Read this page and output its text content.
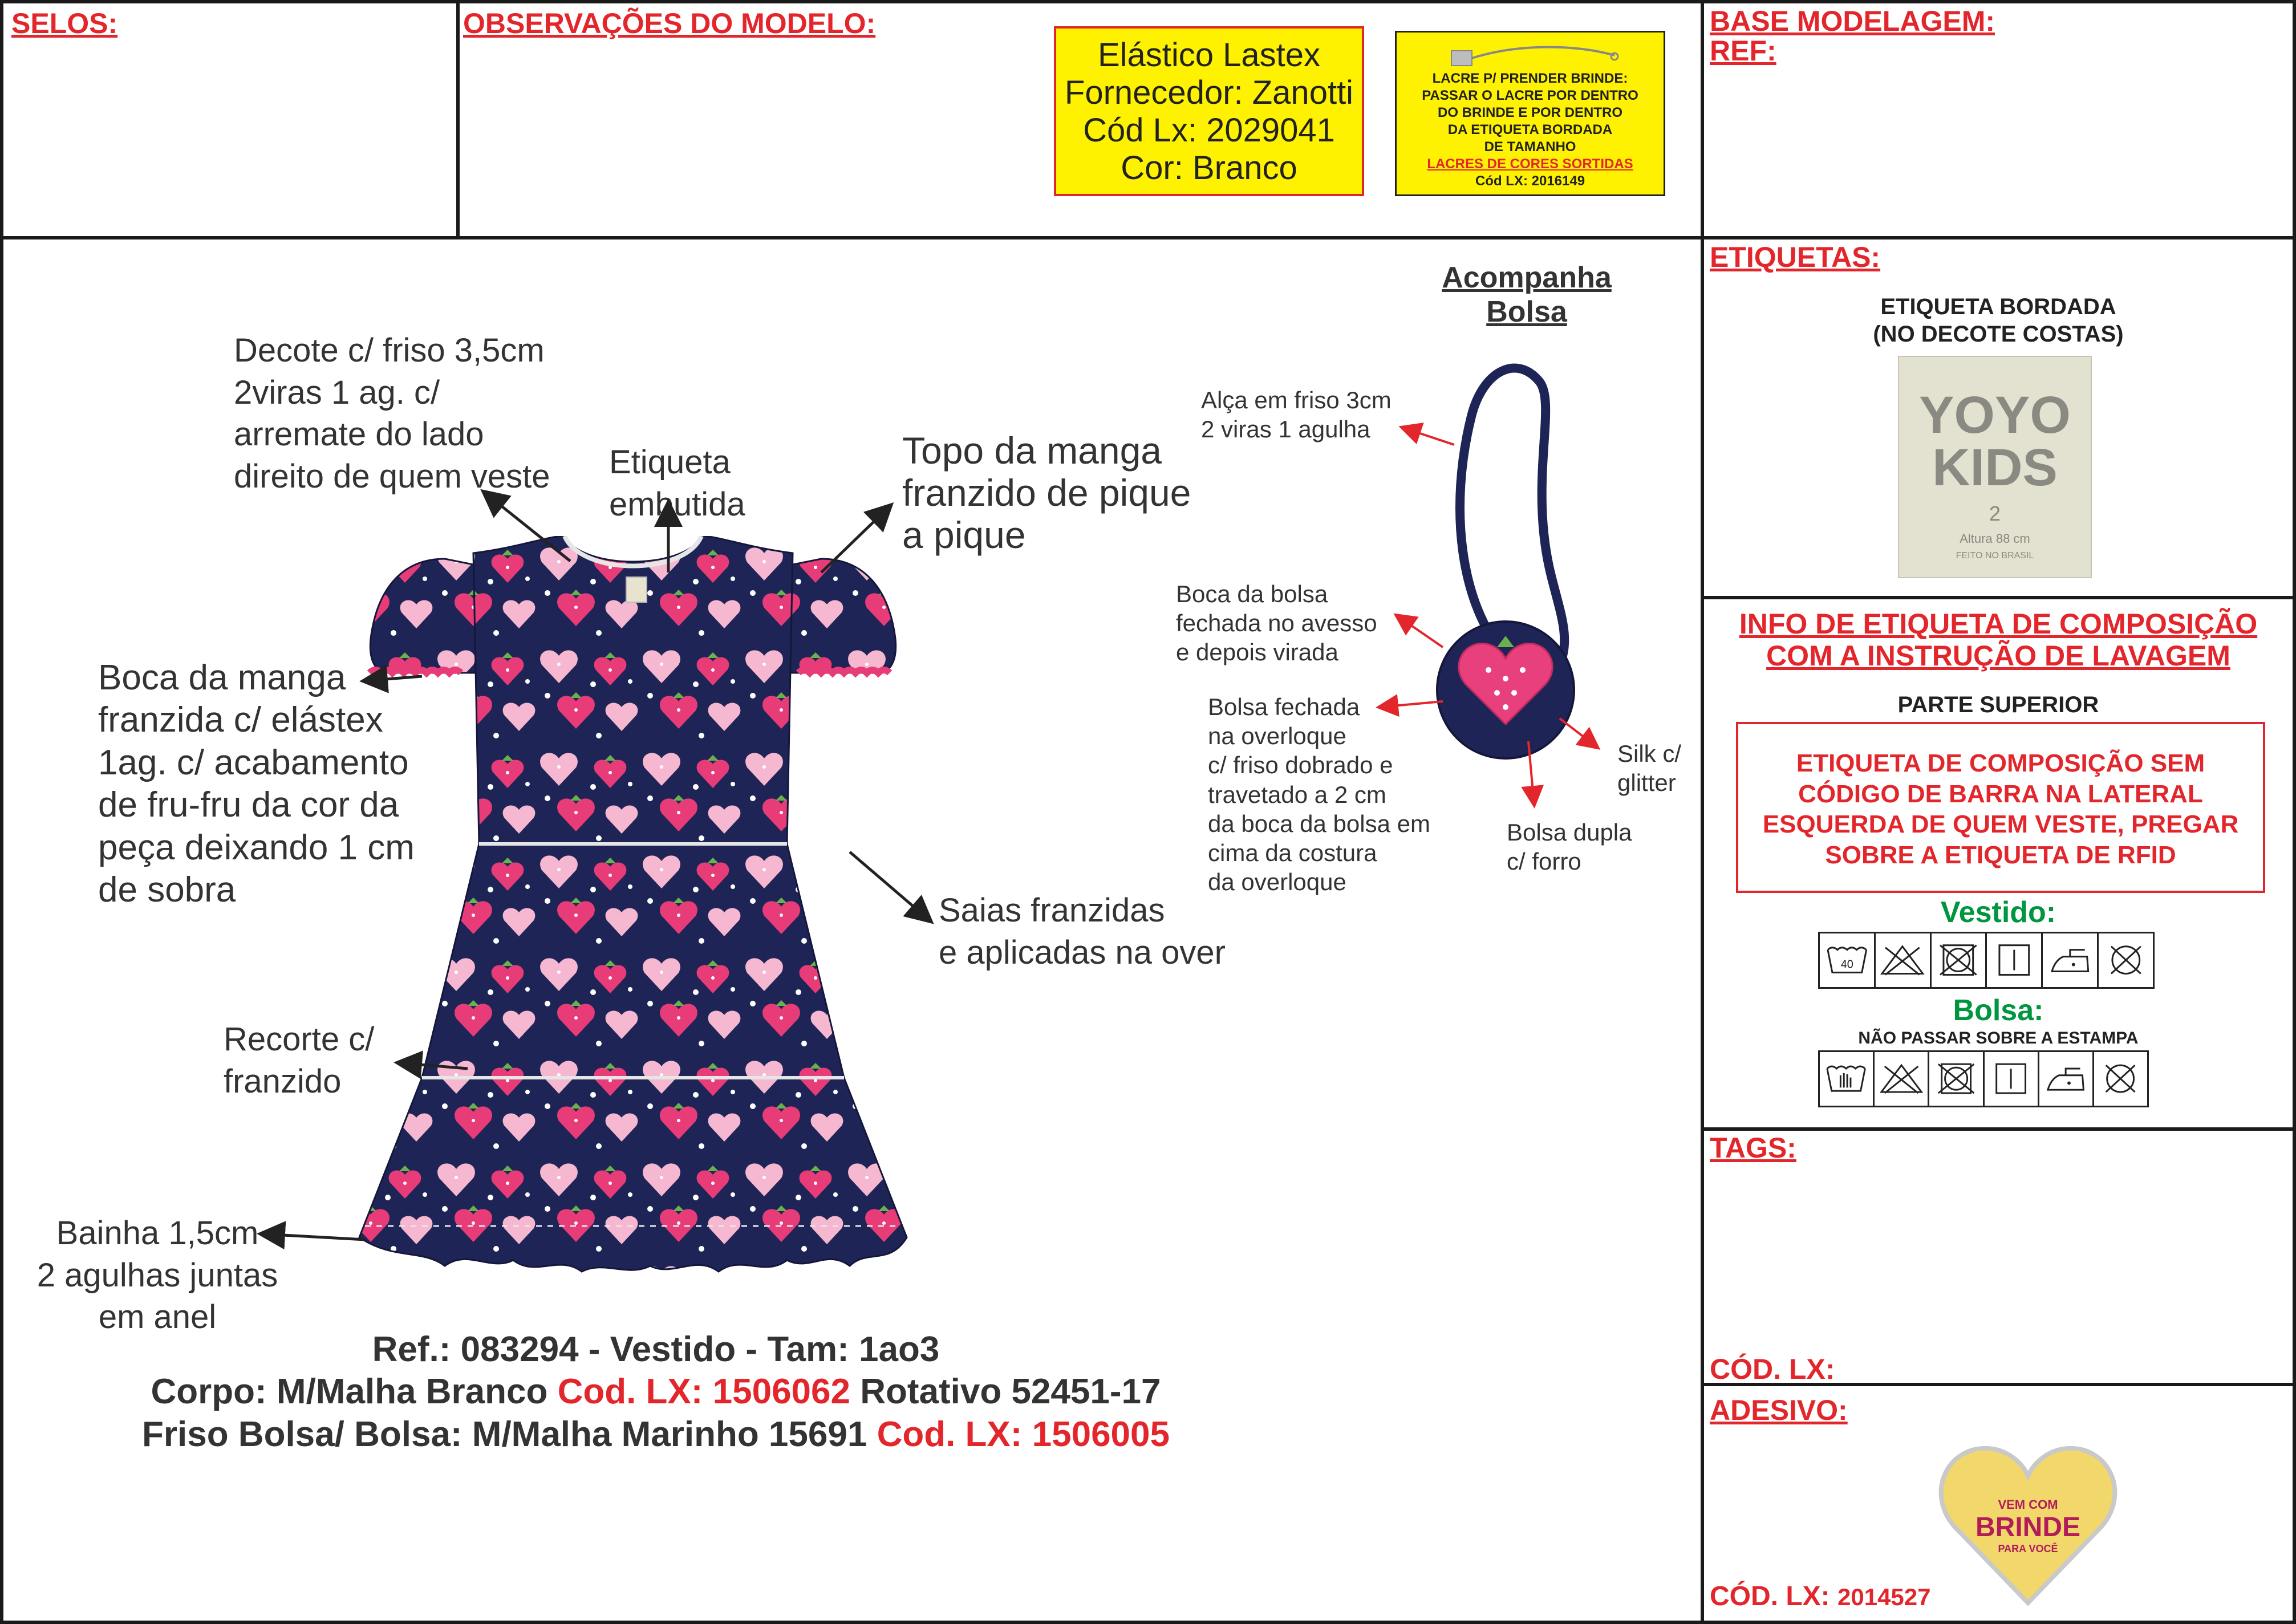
SELOS:	OBSERVAÇÕES DO MODELO:
Elástico Lastex
Fornecedor: Zanotti
Cód Lx: 2029041
Cor: Branco
LACRE P/ PRENDER BRINDE:
PASSAR O LACRE POR DENTRO
DO BRINDE E POR DENTRO
DA ETIQUETA BORDADA
DE TAMANHO
LACRES DE CORES SORTIDAS
Cód LX: 2016149
BASE MODELAGEM:
REF:
Decote c/ friso 3,5cm
2viras 1 ag. c/
arremate do lado
direito de quem veste Etiqueta
embutida
Topo da manga
franzido de pique
a pique
Boca da manga
franzida c/ elástex
1ag. c/ acabamento
de fru-fru da cor da
peça deixando 1 cm
de sobra
Saias franzidas
e aplicadas na over
Recorte c/
franzido
Bainha 1,5cm
2 agulhas juntas
em anel
Acompanha
Bolsa
Alça em friso 3cm
2 viras 1 agulha
Boca da bolsa
fechada no avesso
e depois virada
Bolsa fechada
na overloque
c/ friso dobrado e
travetado a 2 cm
da boca da bolsa em
cima da costura
da overloque
Silk c/
glitter
Bolsa dupla
c/ forro
Ref.: 083294 - Vestido - Tam: 1ao3
Corpo: M/Malha Branco Cod. LX: 1506062 Rotativo 52451-17
Friso Bolsa/ Bolsa: M/Malha Marinho 15691 Cod. LX: 1506005
ETIQUETAS:
ETIQUETA BORDADA
(NO DECOTE COSTAS)
YOYO
KIDS
2
Altura 88 cm
FEITO NO BRASIL
INFO DE ETIQUETA DE COMPOSIÇÃO
COM A INSTRUÇÃO DE LAVAGEM
PARTE SUPERIOR
ETIQUETA DE COMPOSIÇÃO SEM
CÓDIGO DE BARRA NA LATERAL
ESQUERDA DE QUEM VESTE, PREGAR
SOBRE A ETIQUETA DE RFID
Vestido:
40
Bolsa:
NÃO PASSAR SOBRE A ESTAMPA
TAGS:
CÓD. LX:
ADESIVO:
VEM COM
BRINDE
PARA VOCÊ
CÓD. LX: 2014527
